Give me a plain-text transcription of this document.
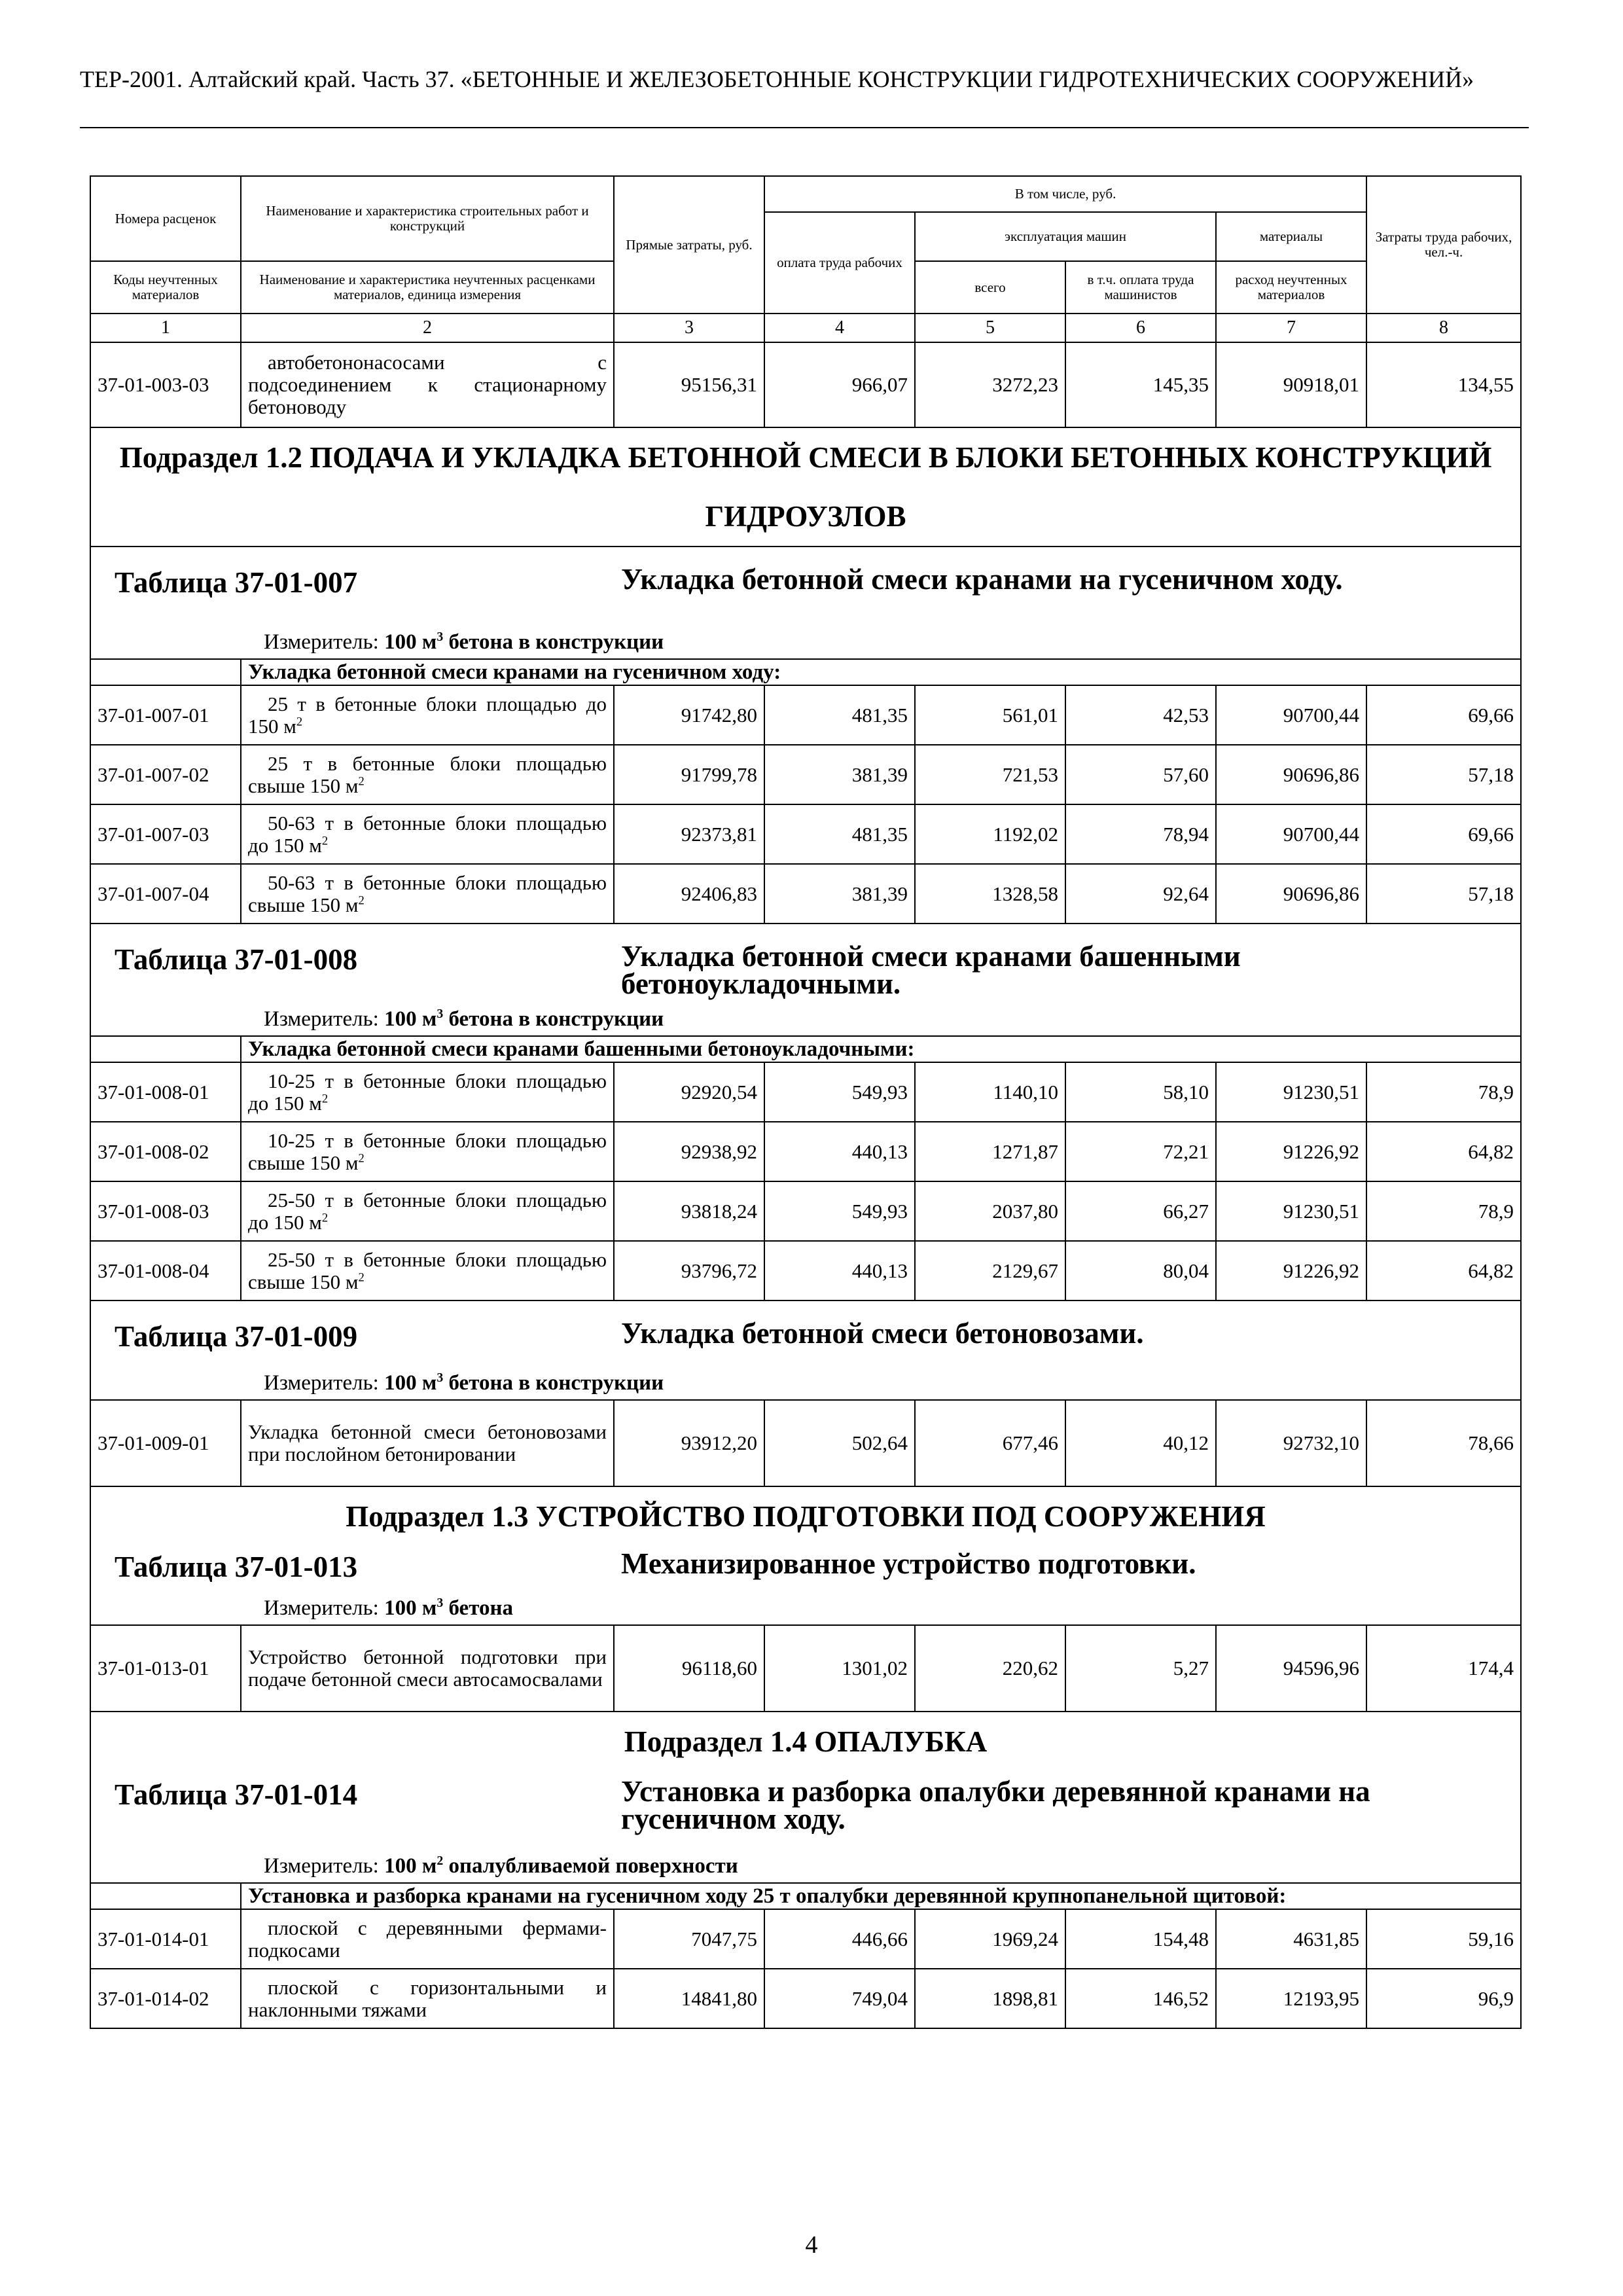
ТЕР-2001. Алтайский край. Часть 37. «БЕТОННЫЕ И ЖЕЛЕЗОБЕТОННЫЕ КОНСТРУКЦИИ ГИДРОТЕХНИЧЕСКИХ СООРУЖЕНИЙ»
Номера расценок	Наименование и характеристика строительных работ и конструкций	Прямые затраты, руб.	В том числе, руб.				Затраты труда рабочих, чел.-ч.
			оплата труда рабочих	эксплуатация машин		материалы	
Коды неучтенных материалов	Наименование и характеристика неучтенных расценками материалов, единица измерения			всего	в т.ч. оплата труда машинистов	расход неучтенных материалов	

1	2	3	4	5	6	7	8
37-01-003-03	автобетононасосами с подсоединением к стационарному бетоноводу	95156,31	966,07	3272,23	145,35	90918,01	134,55
Подраздел 1.2 ПОДАЧА И УКЛАДКА БЕТОННОЙ СМЕСИ В БЛОКИ БЕТОННЫХ КОНСТРУКЦИЙ ГИДРОУЗЛОВ							

Таблица 37-01-007 Укладка бетонной смеси кранами на гусеничном ходу.
Измеритель: 100 $м^3$ бетона в конструкции							

	Укладка бетонной смеси кранами на гусеничном ходу:						
37-01-007-01	25 т в бетонные блоки площадью до 150 $м^2$	91742,80	481,35	561,01	42,53	90700,44	69,66
37-01-007-02	25 т в бетонные блоки площадью свыше 150 $м^2$	91799,78	381,39	721,53	57,60	90696,86	57,18
37-01-007-03	50-63 т в бетонные блоки площадью до 150 $м^2$	92373,81	481,35	1192,02	78,94	90700,44	69,66
37-01-007-04	50-63 т в бетонные блоки площадью свыше 150 $м^2$	92406,83	381,39	1328,58	92,64	90696,86	57,18

Таблица 37-01-008 Укладка бетонной смеси кранами башенными бетоноукладочными.
Измеритель: 100 $м^3$ бетона в конструкции							

	Укладка бетонной смеси кранами башенными бетоноукладочными:						
37-01-008-01	10-25 т в бетонные блоки площадью до 150 $м^2$	92920,54	549,93	1140,10	58,10	91230,51	78,9
37-01-008-02	10-25 т в бетонные блоки площадью свыше 150 $м^2$	92938,92	440,13	1271,87	72,21	91226,92	64,82
37-01-008-03	25-50 т в бетонные блоки площадью до 150 $м^2$	93818,24	549,93	2037,80	66,27	91230,51	78,9
37-01-008-04	25-50 т в бетонные блоки площадью свыше 150 $м^2$	93796,72	440,13	2129,67	80,04	91226,92	64,82

Таблица 37-01-009 Укладка бетонной смеси бетоновозами.
Измеритель: 100 $м^3$ бетона в конструкции							

37-01-009-01	Укладка бетонной смеси бетоновозами при послойном бетонировании	93912,20	502,64	677,46	40,12	92732,10	78,66
Подраздел 1.3 УСТРОЙСТВО ПОДГОТОВКИ ПОД СООРУЖЕНИЯ							

Таблица 37-01-013 Механизированное устройство подготовки.
Измеритель: 100 $м^3$ бетона							

37-01-013-01	Устройство бетонной подготовки при подаче бетонной смеси автосамосвалами	96118,60	1301,02	220,62	5,27	94596,96	174,4
Подраздел 1.4 ОПАЛУБКА							

Таблица 37-01-014 Установка и разборка опалубки деревянной кранами на гусеничном ходу.
Измеритель: 100 $м^2$ опалубливаемой поверхности							

	Установка и разборка кранами на гусеничном ходу 25 т опалубки деревянной крупнопанельной щитовой:						
37-01-014-01	плоской с деревянными фермами-подкосами	7047,75	446,66	1969,24	154,48	4631,85	59,16
37-01-014-02	плоской с горизонтальными и наклонными тяжами	14841,80	749,04	1898,81	146,52	12193,95	96,9
4
